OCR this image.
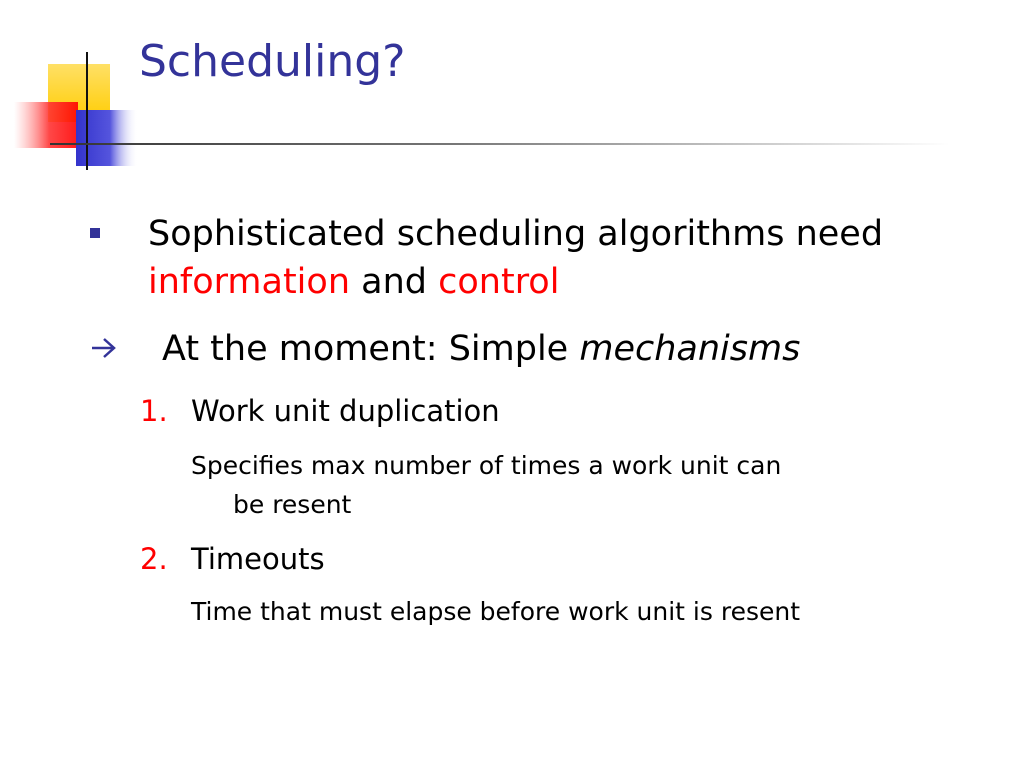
Scheduling?
Sophisticated scheduling algorithms need information and control
At the moment: Simple mechanisms
1. Work unit duplication
Specifies max number of times a work unit can
be resent
2. Timeouts
Time that must elapse before work unit is resent
